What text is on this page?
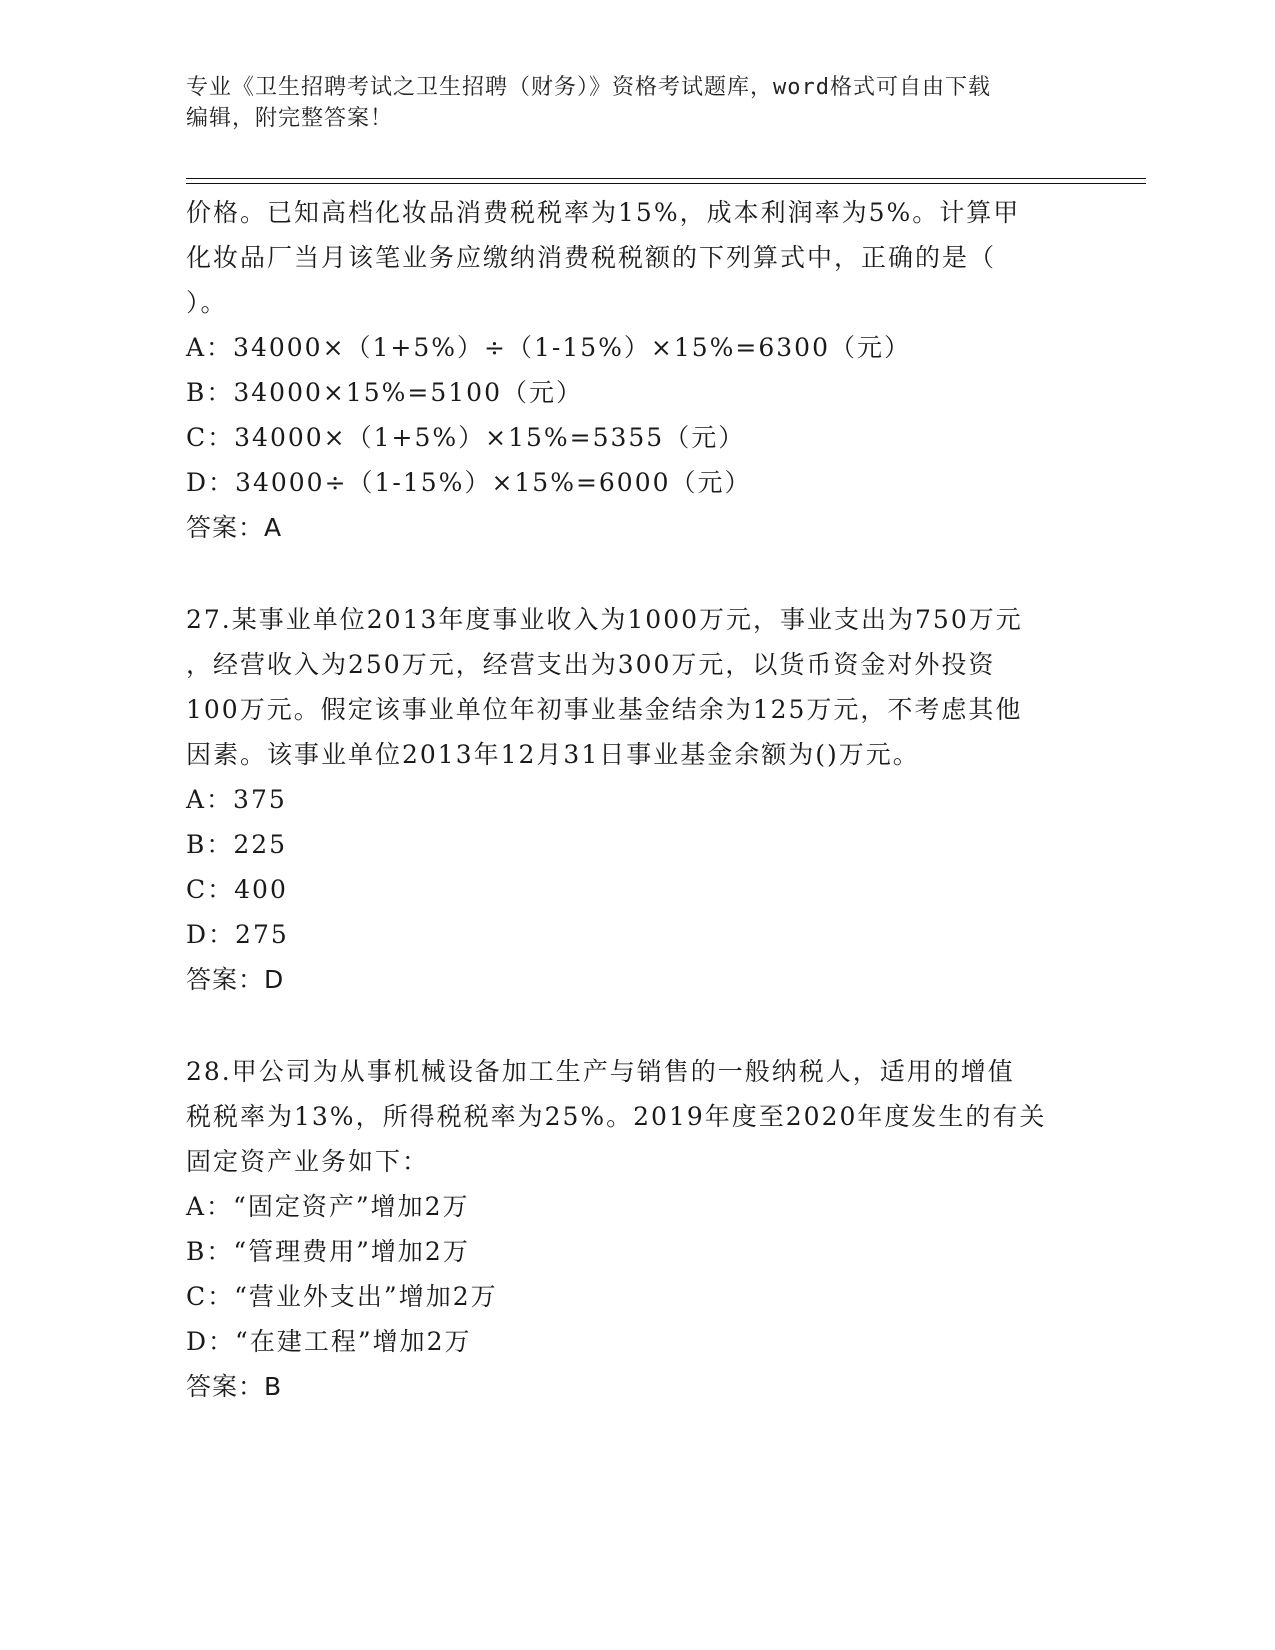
专业《卫生招聘考试之卫生招聘（财务）》资格考试题库，word格式可自由下载
编辑，附完整答案！
价格。已知高档化妆品消费税税率为15%，成本利润率为5%。计算甲
化妆品厂当月该笔业务应缴纳消费税税额的下列算式中，正确的是（
）。
A：34000×（1+5%）÷（1-15%）×15%=6300（元）
B：34000×15%=5100（元）
C：34000×（1+5%）×15%=5355（元）
D：34000÷（1-15%）×15%=6000（元）
答案：A
27.某事业单位2013年度事业收入为1000万元，事业支出为750万元
，经营收入为250万元，经营支出为300万元，以货币资金对外投资
100万元。假定该事业单位年初事业基金结余为125万元，不考虑其他
因素。该事业单位2013年12月31日事业基金余额为()万元。
A：375
B：225
C：400
D：275
答案：D
28.甲公司为从事机械设备加工生产与销售的一般纳税人，适用的增值
税税率为13%，所得税税率为25%。2019年度至2020年度发生的有关
固定资产业务如下：
A：“固定资产”增加2万
B：“管理费用”增加2万
C：“营业外支出”增加2万
D：“在建工程”增加2万
答案：B
